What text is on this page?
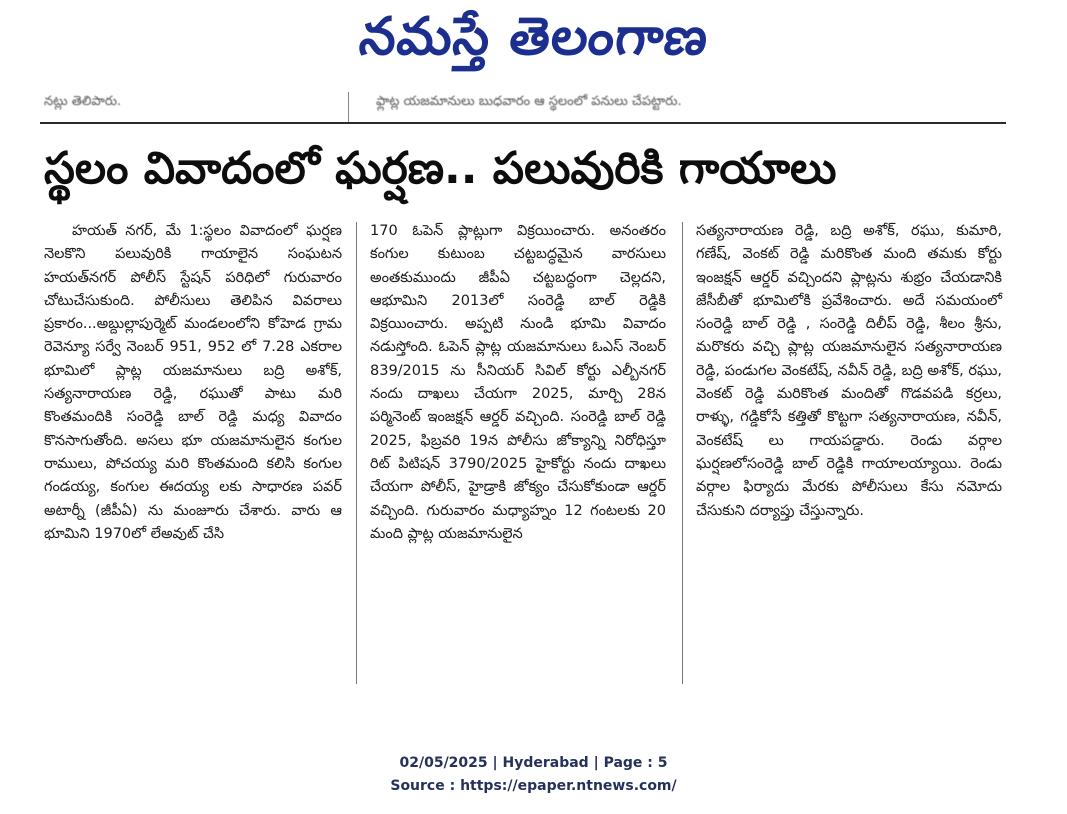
నమస్తే తెలంగాణ
నట్లు తెలిపారు.	ఫ్లాట్ల యజమానులు బుధవారం ఆ స్థలంలో పనులు చేపట్టారు.
స్థలం వివాదంలో ఘర్షణ.. పలువురికి గాయాలు
హయత్ నగర్, మే 1:స్థలం వివాదంలో ఘర్షణ నెలకొని పలువురికి గాయాలైన సంఘటన హయత్‌నగర్ పోలీస్ స్టేషన్ పరిధిలో గురువారం చోటుచేసుకుంది. పోలీసులు తెలిపిన వివరాలు ప్రకారం...అబ్దుల్లాపుర్మెట్ మండలంలోని కోహెడ గ్రామ రెవెన్యూ సర్వే నెంబర్ 951, 952 లో 7.28 ఎకరాల భూమిలో ప్లాట్ల యజమానులు బద్రి అశోక్, సత్యనారాయణ రెడ్డి, రఘుతో పాటు మరి కొంతమందికి సంరెడ్డి బాల్ రెడ్డి మధ్య వివాదం కొనసాగుతోంది. అసలు భూ యజమానులైన కంగుల రాములు, పోచయ్య మరి కొంతమంది కలిసి కంగుల గండయ్య, కంగుల ఈదయ్య లకు సాధారణ పవర్ అటార్నీ (జీపీఏ) ను మంజూరు చేశారు. వారు ఆ భూమిని 1970లో లేఅవుట్ చేసి
170 ఓపెన్ ప్లాట్లుగా విక్రయించారు. అనంతరం కంగుల కుటుంబ చట్టబద్ధమైన వారసులు అంతకుముందు జీపీఏ చట్టబద్ధంగా చెల్లదని, ఆభూమిని 2013లో సంరెడ్డి బాల్ రెడ్డికి విక్రయించారు. అప్పటి నుండి భూమి వివాదం నడుస్తోంది. ఓపెన్ ప్లాట్ల యజమానులు ఓఎస్ నెంబర్ 839/2015 ను సీనియర్ సివిల్ కోర్టు ఎల్బీనగర్ నందు దాఖలు చేయగా 2025, మార్చి 28న పర్మినెంట్ ఇంజక్షన్ ఆర్డర్ వచ్చింది. సంరెడ్డి బాల్ రెడ్డి 2025, ఫిబ్రవరి 19న పోలీసు జోక్యాన్ని నిరోధిస్తూ రిట్ పిటిషన్ 3790/2025 హైకోర్టు నందు దాఖలు చేయగా పోలీస్, హైడ్రాకి జోక్యం చేసుకోకుండా ఆర్డర్ వచ్చింది. గురువారం మధ్యాహ్నం 12 గంటలకు 20 మంది ప్లాట్ల యజమానులైన
సత్యనారాయణ రెడ్డి, బద్రి అశోక్, రఘు, కుమారి, గణేష్, వెంకట్ రెడ్డి మరికొంత మంది తమకు కోర్టు ఇంజక్షన్ ఆర్డర్ వచ్చిందని ప్లాట్లను శుభ్రం చేయడానికి జేసీబీతో భూమిలోకి ప్రవేశించారు. అదే సమయంలో సంరెడ్డి బాల్ రెడ్డి , సంరెడ్డి దిలీప్ రెడ్డి, శీలం శ్రీను, మరొకరు వచ్చి ప్లాట్ల యజమానులైన సత్యనారాయణ రెడ్డి, పండుగల వెంకటేష్, నవీన్ రెడ్డి, బద్రి అశోక్, రఘు, వెంకట్ రెడ్డి మరికొంత మందితో గొడవపడి కర్రలు, రాళ్ళు, గడ్డికోసే కత్తితో కొట్టగా సత్యనారాయణ, నవీన్, వెంకటేష్ లు గాయపడ్డారు. రెండు వర్గాల ఘర్షణలోసంరెడ్డి బాల్ రెడ్డికి గాయాలయ్యాయి. రెండు వర్గాల ఫిర్యాదు మేరకు పోలీసులు కేసు నమోదు చేసుకుని దర్యాప్తు చేస్తున్నారు.
02/05/2025 | Hyderabad | Page : 5
Source : https://epaper.ntnews.com/
